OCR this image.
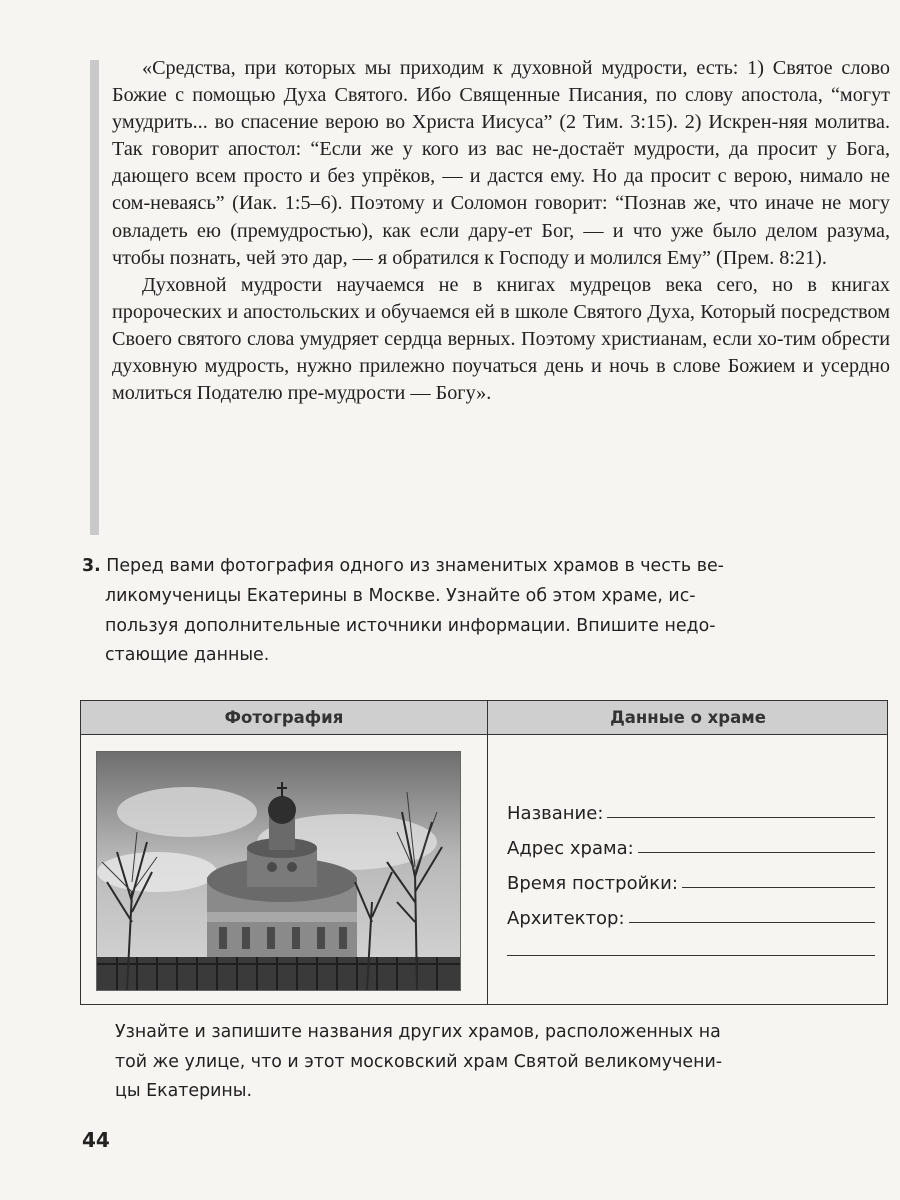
«Средства, при которых мы приходим к духовной мудрости, есть: 1) Святое слово Божие с помощью Духа Святого. Ибо Священные Писания, по слову апостола, “могут умудрить... во спасение верою во Христа Иисуса” (2 Тим. 3:15). 2) Искрен-няя молитва. Так говорит апостол: “Если же у кого из вас не-достаёт мудрости, да просит у Бога, дающего всем просто и без упрёков, — и дастся ему. Но да просит с верою, нимало не сом-неваясь” (Иак. 1:5–6). Поэтому и Соломон говорит: “Познав же, что иначе не могу овладеть ею (премудростью), как если дару-ет Бог, — и что уже было делом разума, чтобы познать, чей это дар, — я обратился к Господу и молился Ему” (Прем. 8:21).

Духовной мудрости научаемся не в книгах мудрецов века сего, но в книгах пророческих и апостольских и обучаемся ей в школе Святого Духа, Который посредством Своего святого слова умудряет сердца верных. Поэтому христианам, если хо-тим обрести духовную мудрость, нужно прилежно поучаться день и ночь в слове Божием и усердно молиться Подателю пре-мудрости — Богу».

3. Перед вами фотография одного из знаменитых храмов в честь ве-
ликомученицы Екатерины в Москве. Узнайте об этом храме, ис-
пользуя дополнительные источники информации. Впишите недо-
стающие данные.
Фотография	Данные о храме
Название:
Адрес храма:
Время постройки:
Архитектор:
Узнайте и запишите названия других храмов, расположенных на
той же улице, что и этот московский храм Святой великомучени-
цы Екатерины.
44
